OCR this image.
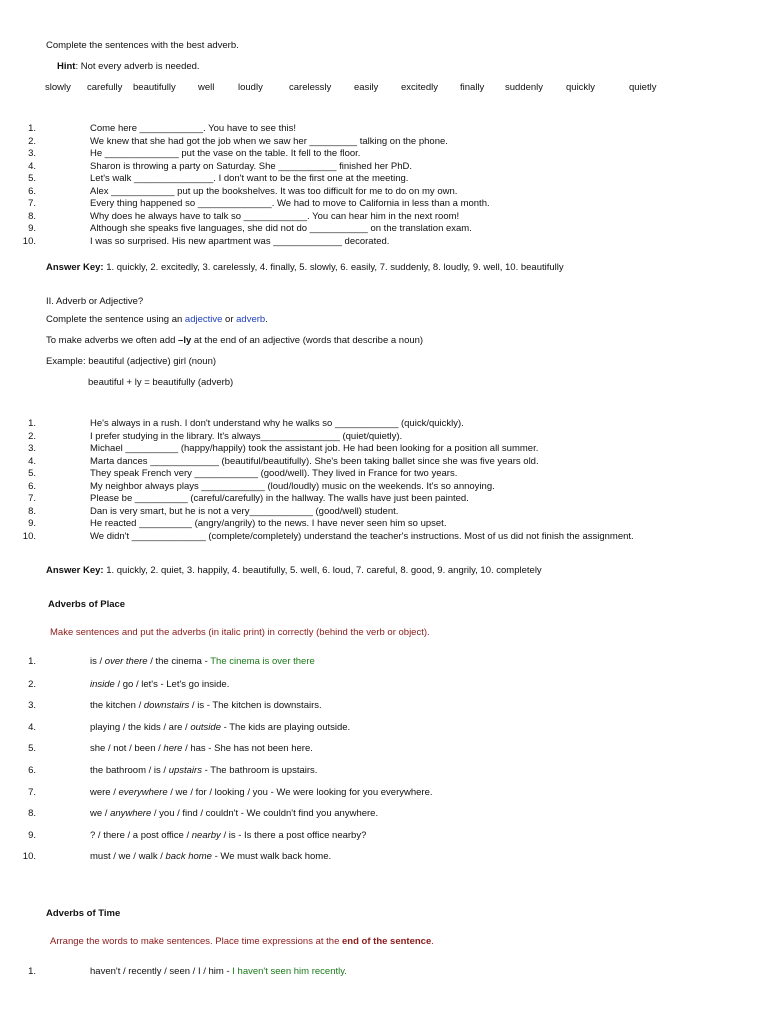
Complete the sentences with the best adverb.
Hint: Not every adverb is needed.
slowly carefully beautifully well loudly	carelessly easily excitedly finally suddenly quickly	quietly
1.	Come here ____________. You have to see this!
2.	We knew that she had got the job when we saw her _________ talking on the phone.
3.	He ______________ put the vase on the table. It fell to the floor.
4.	Sharon is throwing a party on Saturday. She ___________ finished her PhD.
5.	Let's walk _______________. I don't want to be the first one at the meeting.
6.	Alex ____________ put up the bookshelves. It was too difficult for me to do on my own.
7.	Every thing happened so ______________. We had to move to California in less than a month.
8.	Why does he always have to talk so ____________. You can hear him in the next room!
9.	Although she speaks five languages, she did not do ___________ on the translation exam.
10.	I was so surprised. His new apartment was _____________ decorated.
Answer Key: 1. quickly, 2. excitedly, 3. carelessly, 4. finally, 5. slowly, 6. easily, 7. suddenly, 8. loudly, 9. well, 10. beautifully
II. Adverb or Adjective?
Complete the sentence using an adjective or adverb.
To make adverbs we often add –ly at the end of an adjective (words that describe a noun)
Example: beautiful (adjective) girl (noun)
beautiful + ly = beautifully (adverb)
1.	He's always in a rush. I don't understand why he walks so ____________ (quick/quickly).
2.	I prefer studying in the library. It's always_______________ (quiet/quietly).
3.	Michael __________ (happy/happily) took the assistant job. He had been looking for a position all summer.
4.	Marta dances _____________ (beautiful/beautifully). She's been taking ballet since she was five years old.
5.	They speak French very ____________ (good/well). They lived in France for two years.
6.	My neighbor always plays ____________ (loud/loudly) music on the weekends. It's so annoying.
7.	Please be __________ (careful/carefully) in the hallway. The walls have just been painted.
8.	Dan is very smart, but he is not a very____________ (good/well) student.
9.	He reacted __________ (angry/angrily) to the news. I have never seen him so upset.
10.	We didn't ______________ (complete/completely) understand the teacher's instructions. Most of us did not finish the assignment.
Answer Key: 1. quickly, 2. quiet, 3. happily, 4. beautifully, 5. well, 6. loud, 7. careful, 8. good, 9. angrily, 10. completely
Adverbs of Place
Make sentences and put the adverbs (in italic print) in correctly (behind the verb or object).
1.	is / over there / the cinema - The cinema is over there
2.	inside / go / let's - Let's go inside.
3.	the kitchen / downstairs / is - The kitchen is downstairs.
4.	playing / the kids / are / outside - The kids are playing outside.
5.	she / not / been / here / has - She has not been here.
6.	the bathroom / is / upstairs - The bathroom is upstairs.
7.	were / everywhere / we / for / looking / you - We were looking for you everywhere.
8.	we / anywhere / you / find / couldn't - We couldn't find you anywhere.
9.	? / there / a post office / nearby / is - Is there a post office nearby?
10.	must / we / walk / back home - We must walk back home.
Adverbs of Time
Arrange the words to make sentences. Place time expressions at the end of the sentence.
1.	haven't / recently / seen / I / him - I haven't seen him recently.
